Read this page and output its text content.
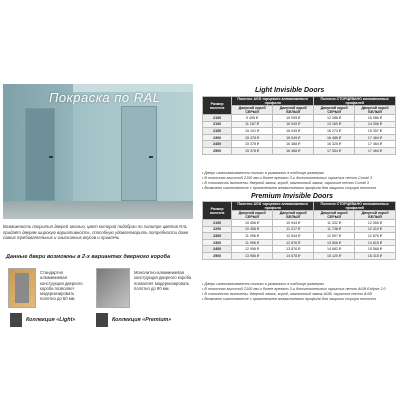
Покраска по RAL
Возможность покрытия дверей эмалью, цвет которой подобран по палитре цветов RAL придаёт дверям широкую вариативность, способную удовлетворить потребности даже самых требовательных и изысканных вкусов и привлечь
Данные двери возможны в 2-х вариантах дверного короба
Стандартно алюминиевая конструкция дверного короба позволяет модернизировать полотно до 50 мм
Монолитно-алюминиевая конструкция дверного короба позволяет модернизировать полотно до 90 мм.
Коллекция «Light»	Коллекция «Premium»
Light Invisible Doors
Размер полотна	Полотно AGS торцевого алюминиевого профиля		Полотно СТОРЦЕВАНО алюминиевых профилей	
	Дверной короб СЕРЫЙ	Дверной короб БЕЛЫЙ	Дверной короб СЕРЫЙ	Дверной короб БЕЛЫЙ
2100	9 495 ₽	10 095 ₽	12 288 ₽	16 986 ₽
2100	11 167 ₽	16 049 ₽	13 160 ₽	14 306 ₽
2100	15 191 ₽	16 049 ₽	16 273 ₽	15 357 ₽
2300	15 378 ₽	16 049 ₽	16 486 ₽	17 464 ₽
2400	15 378 ₽	16 368 ₽	16 325 ₽	17 464 ₽
2500	15 378 ₽	16 368 ₽	17 354 ₽	17 464 ₽
• Двери изготавливаются только в указанных в таблице размерах
• В полотнах высотой 2100 мм и более врезано 3-и дополнительных скрытых петли Combi 3
• В стоимость включены: дверной замок, короб, магнитный замок, скрытые петли Combi 3
• Возможно изготовление с применением алюминиевого профиля для защиты торцов полотна
Premium Invisible Doors
Размер полотна	Полотно AGS торцевого алюминиевого профиля		Полотно СТОРЦЕВАНО алюминиевых профилей	
	Дверной короб СЕРЫЙ	Дверной короб БЕЛЫЙ	Дверной короб СЕРЫЙ	Дверной короб БЕЛЫЙ
2100	10 456 ₽	10 944 ₽	11 332 ₽	12 065 ₽
2200	10 456 ₽	11 217 ₽	11 736 ₽	12 419 ₽
2300	11 996 ₽	12 544 ₽	12 507 ₽	12 876 ₽
2300	11 996 ₽	12 876 ₽	13 506 ₽	14 815 ₽
2400	12 956 ₽	13 876 ₽	14 682 ₽	15 568 ₽
2500	13 956 ₽	14 578 ₽	15 120 ₽	16 315 ₽
• Двери изготавливаются только в указанных в таблице размерах
• В полотнах высотой 2100 мм и более врезано 3-и дополнительных скрытых петли AGB Eclipse 2.0
• В стоимость включены: дверной замок, короб, магнитный замок AGB, скрытые петли AGB
• Возможно изготовление с применением алюминиевого профиля для защиты торцов полотна
